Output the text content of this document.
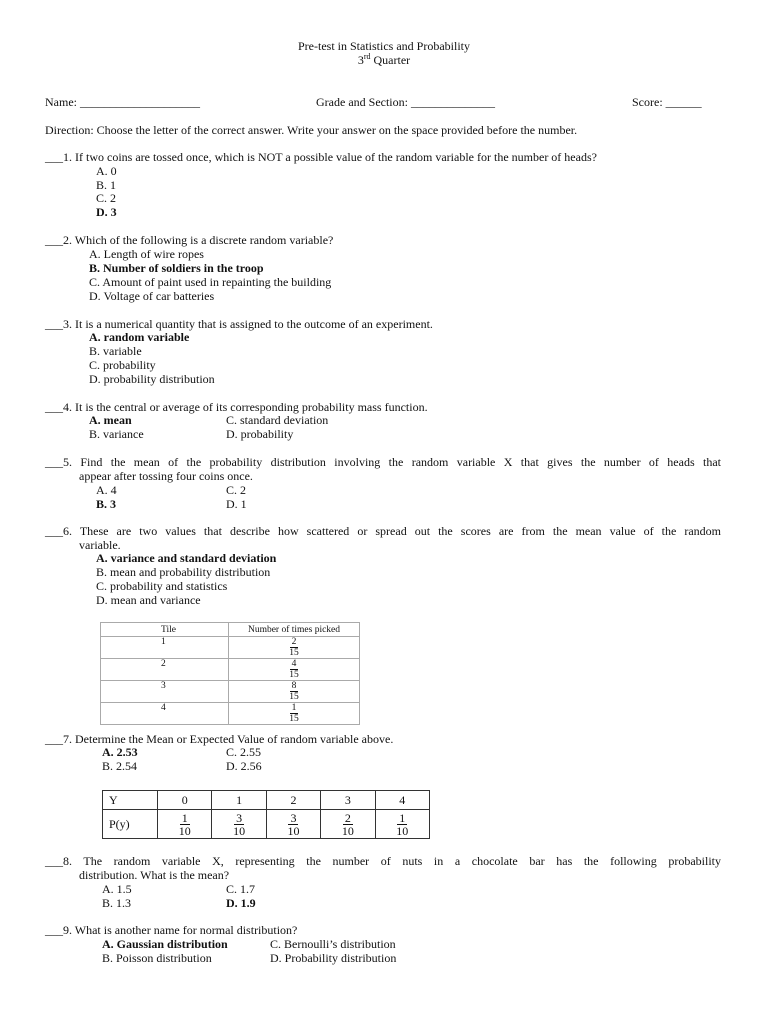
Pre-test in Statistics and Probability
3rd Quarter
Name: ____________________	Grade and Section: ______________	Score: ______
Direction: Choose the letter of the correct answer. Write your answer on the space provided before the number.
___1. If two coins are tossed once, which is NOT a possible value of the random variable for the number of heads?
A. 0
B. 1
C. 2
D. 3
___2. Which of the following is a discrete random variable?
A. Length of wire ropes
B. Number of soldiers in the troop
C. Amount of paint used in repainting the building
D. Voltage of car batteries
___3. It is a numerical quantity that is assigned to the outcome of an experiment.
A. random variable
B. variable
C. probability
D. probability distribution
___4. It is the central or average of its corresponding probability mass function.
A. mean
B. variance
C. standard deviation
D. probability
___5. Find the mean of the probability distribution involving the random variable X that gives the number of heads that
appear after tossing four coins once.
A. 4
B. 3
C. 2
D. 1
___6. These are two values that describe how scattered or spread out the scores are from the mean value of the random
variable.
A. variance and standard deviation
B. mean and probability distribution
C. probability and statistics
D. mean and variance
Tile	Number of times picked
1	$\frac{2}{15}$

2	$\frac{4}{15}$

3	$\frac{8}{15}$

4	$\frac{1}{15}$
___7. Determine the Mean or Expected Value of random variable above.
A. 2.53
B. 2.54
C. 2.55
D. 2.56
Y	0	1	2	3	4
P(y)	$\frac{1}{10}$	$\frac{3}{10}$	$\frac{3}{10}$	$\frac{2}{10}$	$\frac{1}{10}$
___8. The random variable X, representing the number of nuts in a chocolate bar has the following probability
distribution. What is the mean?
A. 1.5
B. 1.3
C. 1.7
D. 1.9
___9. What is another name for normal distribution?
A. Gaussian distribution
B. Poisson distribution
C. Bernoulli’s distribution
D. Probability distribution
